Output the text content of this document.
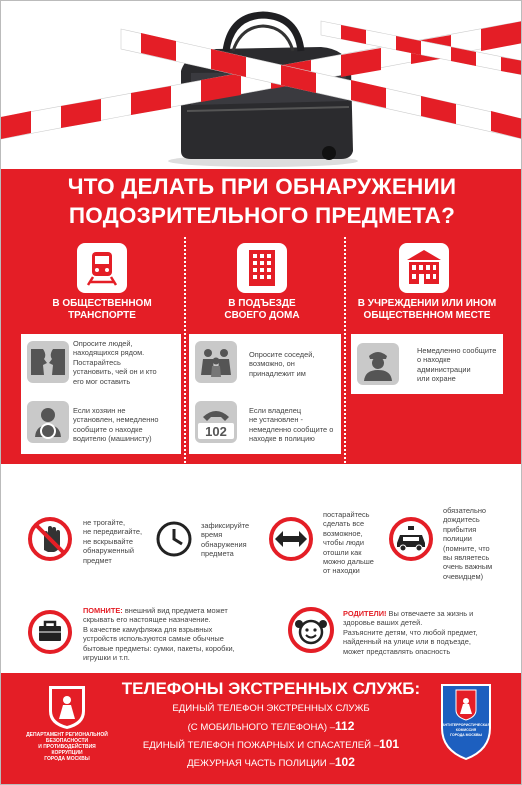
ЧТО ДЕЛАТЬ ПРИ ОБНАРУЖЕНИИ
ПОДОЗРИТЕЛЬНОГО ПРЕДМЕТА?
В ОБЩЕСТВЕННОМ
ТРАНСПОРТЕ
В ПОДЪЕЗДЕ
СВОЕГО ДОМА
В УЧРЕЖДЕНИИ ИЛИ ИНОМ
ОБЩЕСТВЕННОМ МЕСТЕ
Опросите людей,
находящихся рядом.
Постарайтесь
установить, чей он и кто
его мог оставить
Если хозяин не
установлен, немедленно
сообщите о находке
водителю (машинисту)
Опросите соседей,
возможно, он
принадлежит им
102
Если владелец
не установлен -
немедленно сообщите о
находке в полицию
Немедленно сообщите
о находке
администрации
или охране
ВО ВСЕХ ПЕРЕЧИСЛЕННЫХ СЛУЧАЯХ:
не трогайте,
не передвигайте,
не вскрывайте
обнаруженный
предмет
зафиксируйте
время
обнаружения
предмета
постарайтесь
сделать все
возможное,
чтобы люди
отошли как
можно дальше
от находки
обязательно
дождитесь
прибытия
полиции
(помните, что
вы являетесь
очень важным
очевидцем)
ПОМНИТЕ: внешний вид предмета может
скрывать его настоящее назначение.
В качестве камуфляжа для взрывных
устройств используются самые обычные
бытовые предметы: сумки, пакеты, коробки,
игрушки и т.п.
РОДИТЕЛИ! Вы отвечаете за жизнь и
здоровье ваших детей.
Разъясните детям, что любой предмет,
найденный на улице или в подъезде,
может представлять опасность
ДЕПАРТАМЕНТ РЕГИОНАЛЬНОЙ
БЕЗОПАСНОСТИ
И ПРОТИВОДЕЙСТВИЯ
КОРРУПЦИИ
ГОРОДА МОСКВЫ
АНТИТЕРРОРИСТИЧЕСКАЯ
КОМИССИЯ
ГОРОДА МОСКВЫ
ТЕЛЕФОНЫ ЭКСТРЕННЫХ СЛУЖБ:
ЕДИНЫЙ ТЕЛЕФОН ЭКСТРЕННЫХ СЛУЖБ
(С МОБИЛЬНОГО ТЕЛЕФОНА) –112
ЕДИНЫЙ ТЕЛЕФОН ПОЖАРНЫХ И СПАСАТЕЛЕЙ –101
ДЕЖУРНАЯ ЧАСТЬ ПОЛИЦИИ –102
